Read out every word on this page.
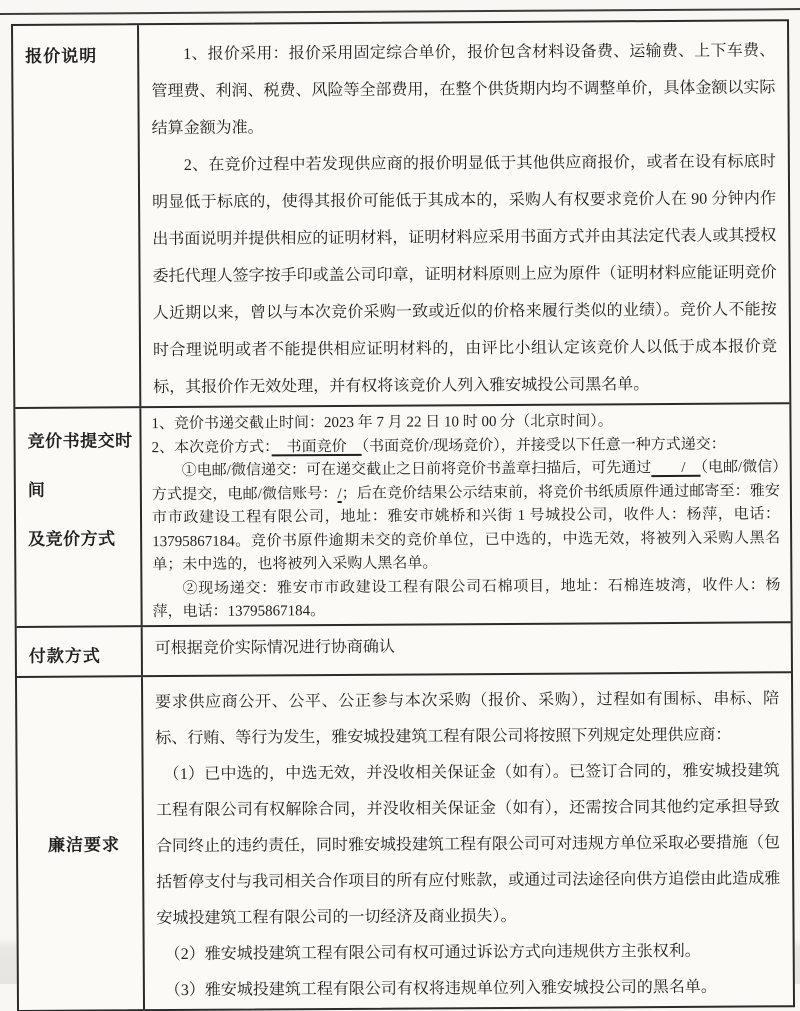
报价说明	1、报价采用：报价采用固定综合单价，报价包含材料设备费、运输费、上下车费、管理费、利润、税费、风险等全部费用，在整个供货期内均不调整单价，具体金额以实际结算金额为准。

2、在竞价过程中若发现供应商的报价明显低于其他供应商报价，或者在设有标底时明显低于标底的，使得其报价可能低于其成本的，采购人有权要求竞价人在 90 分钟内作出书面说明并提供相应的证明材料，证明材料应采用书面方式并由其法定代表人或其授权委托代理人签字按手印或盖公司印章，证明材料原则上应为原件（证明材料应能证明竞价人近期以来，曾以与本次竞价采购一致或近似的价格来履行类似的业绩）。竞价人不能按时合理说明或者不能提供相应证明材料的，由评比小组认定该竞价人以低于成本报价竞标，其报价作无效处理，并有权将该竞价人列入雅安城投公司黑名单。

竞价书提交时间
及竞价方式

1、竞价书递交截止时间：2023 年 7 月 22 日 10 时 00 分（北京时间）。

2、本次竞价方式：　书面竞价　（书面竞价/现场竞价），并接受以下任意一种方式递交：

①电邮/微信递交：可在递交截止之日前将竞价书盖章扫描后，可先通过　　/　（电邮/微信）方式提交，电邮/微信账号：/；后在竞价结果公示结束前，将竞价书纸质原件通过邮寄至：雅安市市政建设工程有限公司，地址：雅安市姚桥和兴街 1 号城投公司，收件人：杨萍，电话：13795867184。竞价书原件逾期未交的竞价单位，已中选的，中选无效，将被列入采购人黑名单；未中选的，也将被列入采购人黑名单。

②现场递交：雅安市市政建设工程有限公司石棉项目，地址：石棉连坡湾，收件人：杨萍，电话：13795867184。

付款方式	可根据竞价实际情况进行协商确认

廉洁要求

要求供应商公开、公平、公正参与本次采购（报价、采购），过程如有围标、串标、陪标、行贿、等行为发生，雅安城投建筑工程有限公司将按照下列规定处理供应商：

（1）已中选的，中选无效，并没收相关保证金（如有）。已签订合同的，雅安城投建筑工程有限公司有权解除合同，并没收相关保证金（如有），还需按合同其他约定承担导致合同终止的违约责任，同时雅安城投建筑工程有限公司可对违规方单位采取必要措施（包括暂停支付与我司相关合作项目的所有应付账款，或通过司法途径向供方追偿由此造成雅安城投建筑工程有限公司的一切经济及商业损失）。

（2）雅安城投建筑工程有限公司有权可通过诉讼方式向违规供方主张权利。

（3）雅安城投建筑工程有限公司有权将违规单位列入雅安城投公司的黑名单。
